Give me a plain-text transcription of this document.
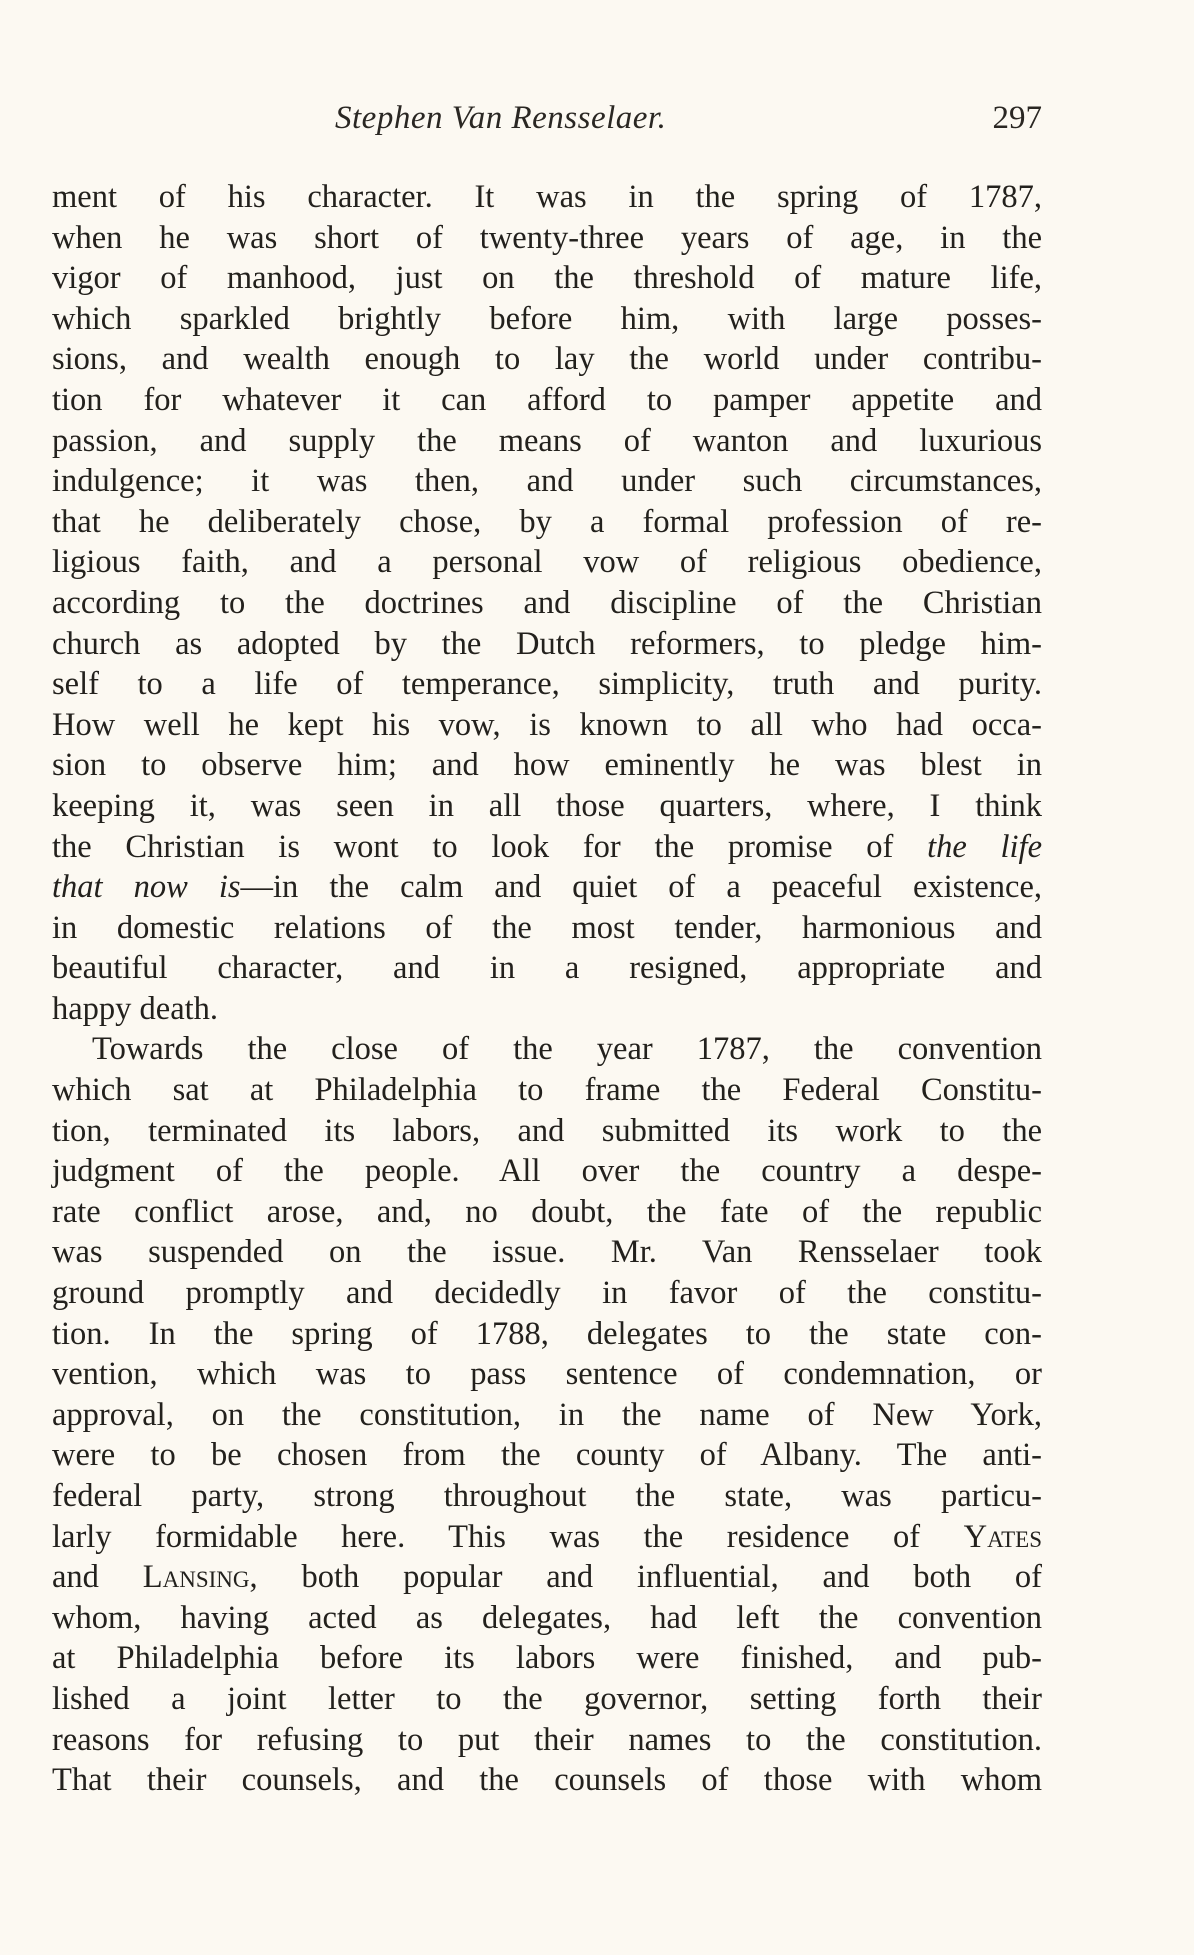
Stephen Van Rensselaer.	297
ment of his character. It was in the spring of 1787,
when he was short of twenty-three years of age, in the
vigor of manhood, just on the threshold of mature life,
which sparkled brightly before him, with large posses-
sions, and wealth enough to lay the world under contribu-
tion for whatever it can afford to pamper appetite and
passion, and supply the means of wanton and luxurious
indulgence; it was then, and under such circumstances,
that he deliberately chose, by a formal profession of re-
ligious faith, and a personal vow of religious obedience,
according to the doctrines and discipline of the Christian
church as adopted by the Dutch reformers, to pledge him-
self to a life of temperance, simplicity, truth and purity.
How well he kept his vow, is known to all who had occa-
sion to observe him; and how eminently he was blest in
keeping it, was seen in all those quarters, where, I think
the Christian is wont to look for the promise of the life
that now is—in the calm and quiet of a peaceful existence,
in domestic relations of the most tender, harmonious and
beautiful character, and in a resigned, appropriate and
happy death.
Towards the close of the year 1787, the convention
which sat at Philadelphia to frame the Federal Constitu-
tion, terminated its labors, and submitted its work to the
judgment of the people. All over the country a despe-
rate conflict arose, and, no doubt, the fate of the republic
was suspended on the issue. Mr. Van Rensselaer took
ground promptly and decidedly in favor of the constitu-
tion. In the spring of 1788, delegates to the state con-
vention, which was to pass sentence of condemnation, or
approval, on the constitution, in the name of New York,
were to be chosen from the county of Albany. The anti-
federal party, strong throughout the state, was particu-
larly formidable here. This was the residence of Yates
and Lansing, both popular and influential, and both of
whom, having acted as delegates, had left the convention
at Philadelphia before its labors were finished, and pub-
lished a joint letter to the governor, setting forth their
reasons for refusing to put their names to the constitution.
That their counsels, and the counsels of those with whom
